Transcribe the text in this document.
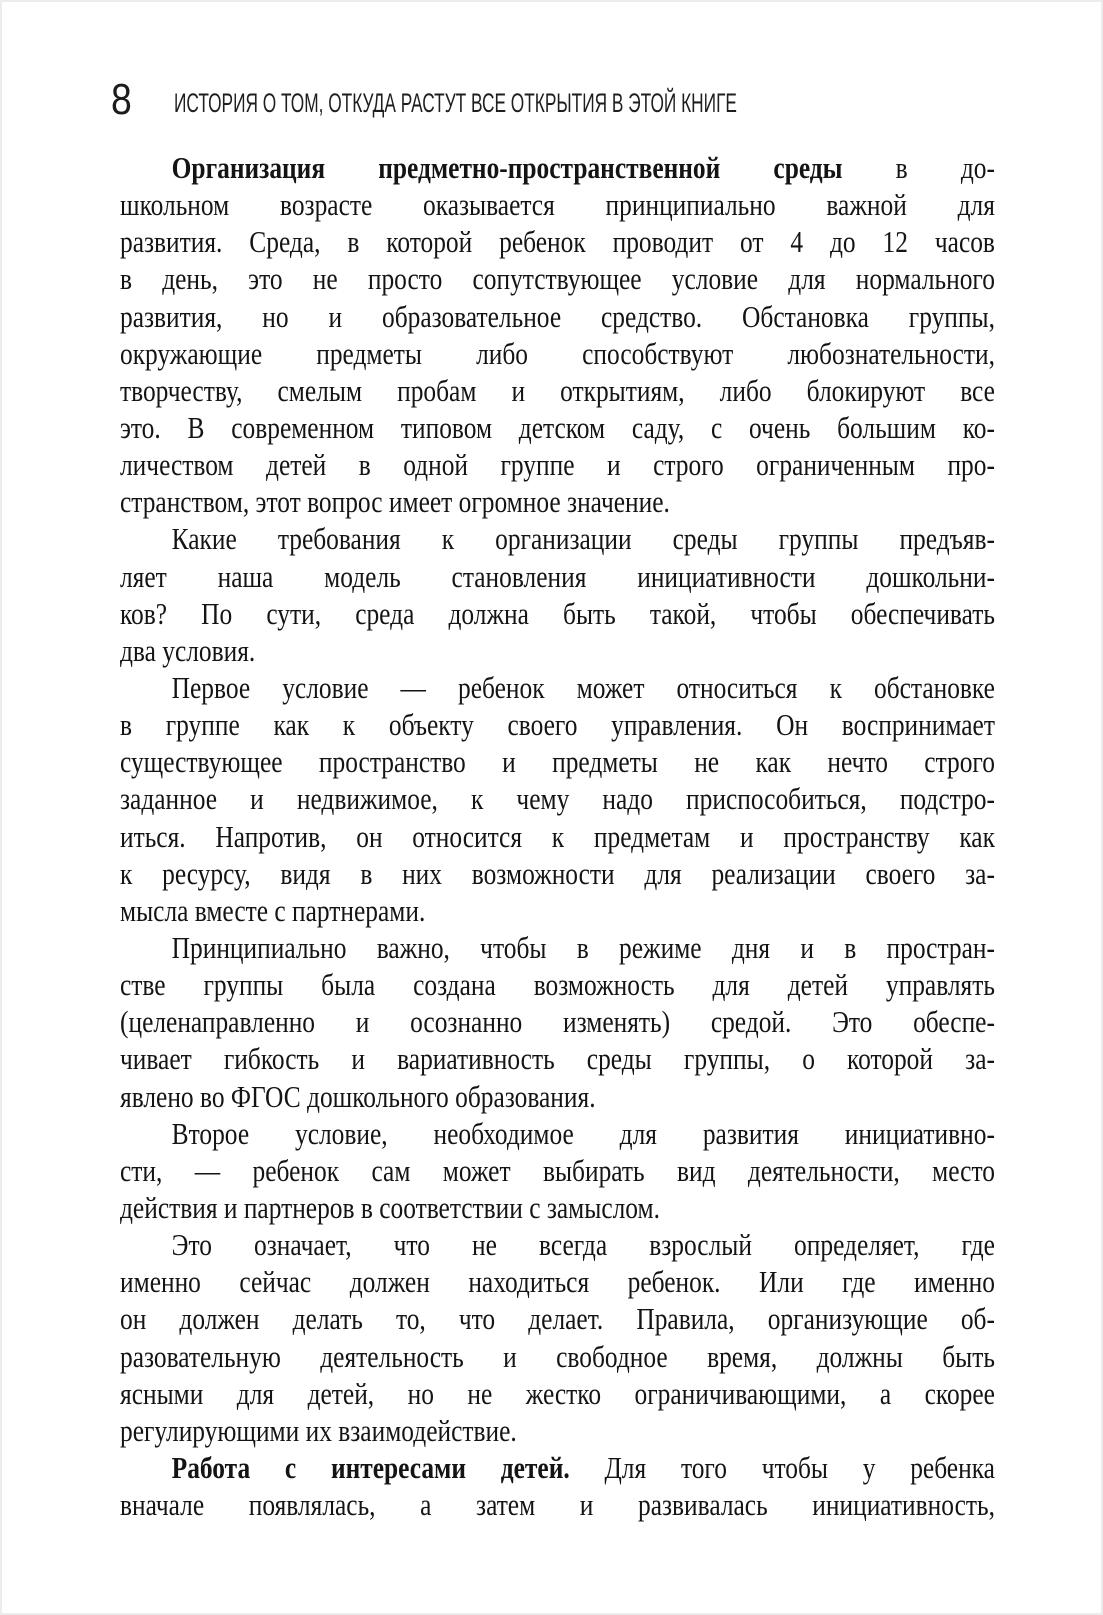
8 ИСТОРИЯ О ТОМ, ОТКУДА РАСТУТ ВСЕ ОТКРЫТИЯ В ЭТОЙ КНИГЕ
Организация предметно-пространственной среды в до-
школьном возрасте оказывается принципиально важной для
развития. Среда, в которой ребенок проводит от 4 до 12 часов
в день, это не просто сопутствующее условие для нормального
развития, но и образовательное средство. Обстановка группы,
окружающие предметы либо способствуют любознательности,
творчеству, смелым пробам и открытиям, либо блокируют все
это. В современном типовом детском саду, с очень большим ко-
личеством детей в одной группе и строго ограниченным про-
странством, этот вопрос имеет огромное значение.
Какие требования к организации среды группы предъяв-
ляет наша модель становления инициативности дошкольни-
ков? По сути, среда должна быть такой, чтобы обеспечивать
два условия.
Первое условие — ребенок может относиться к обстановке
в группе как к объекту своего управления. Он воспринимает
существующее пространство и предметы не как нечто строго
заданное и недвижимое, к чему надо приспособиться, подстро-
иться. Напротив, он относится к предметам и пространству как
к ресурсу, видя в них возможности для реализации своего за-
мысла вместе с партнерами.
Принципиально важно, чтобы в режиме дня и в простран-
стве группы была создана возможность для детей управлять
(целенаправленно и осознанно изменять) средой. Это обеспе-
чивает гибкость и вариативность среды группы, о которой за-
явлено во ФГОС дошкольного образования.
Второе условие, необходимое для развития инициативно-
сти, — ребенок сам может выбирать вид деятельности, место
действия и партнеров в соответствии с замыслом.
Это означает, что не всегда взрослый определяет, где
именно сейчас должен находиться ребенок. Или где именно
он должен делать то, что делает. Правила, организующие об-
разовательную деятельность и свободное время, должны быть
ясными для детей, но не жестко ограничивающими, а скорее
регулирующими их взаимодействие.
Работа с интересами детей. Для того чтобы у ребенка
вначале появлялась, а затем и развивалась инициативность,
